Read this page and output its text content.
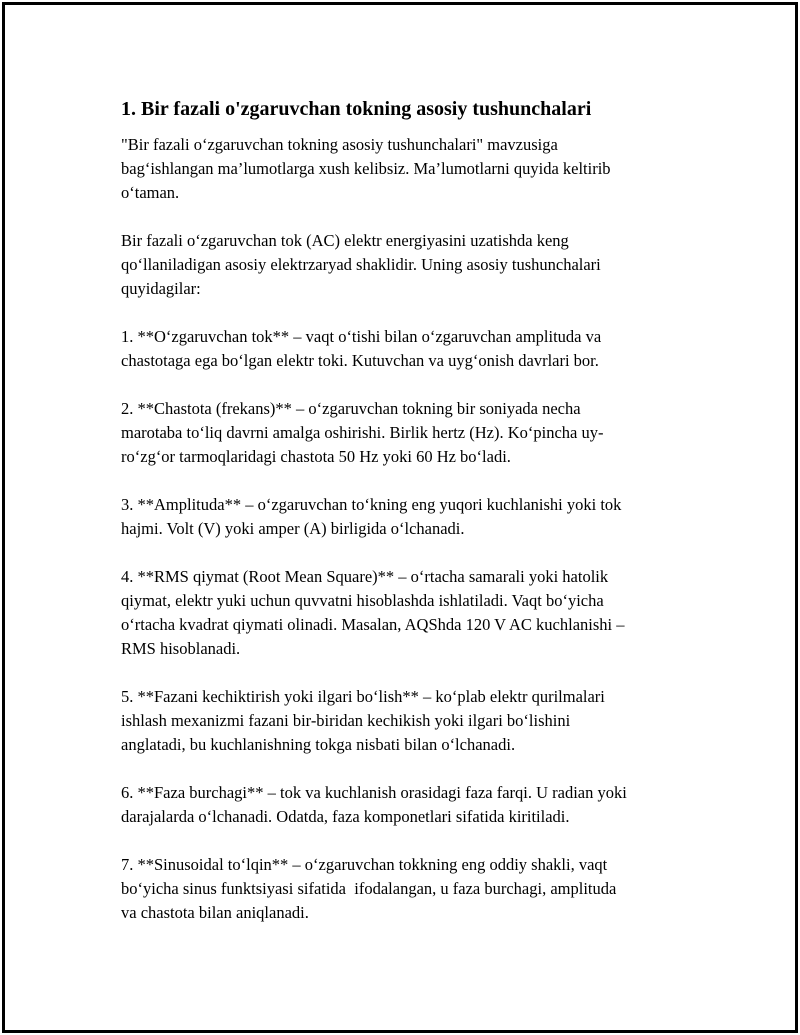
1. Bir fazali o'zgaruvchan tokning asosiy tushunchalari

"Bir fazali o‘zgaruvchan tokning asosiy tushunchalari" mavzusiga
bag‘ishlangan ma’lumotlarga xush kelibsiz. Ma’lumotlarni quyida keltirib
o‘taman.

Bir fazali o‘zgaruvchan tok (AC) elektr energiyasini uzatishda keng
qo‘llaniladigan asosiy elektrzaryad shaklidir. Uning asosiy tushunchalari
quyidagilar:

1. **O‘zgaruvchan tok** – vaqt o‘tishi bilan o‘zgaruvchan amplituda va
chastotaga ega bo‘lgan elektr toki. Kutuvchan va uyg‘onish davrlari bor.

2. **Chastota (frekans)** – o‘zgaruvchan tokning bir soniyada necha
marotaba to‘liq davrni amalga oshirishi. Birlik hertz (Hz). Ko‘pincha uy-
ro‘zg‘or tarmoqlaridagi chastota 50 Hz yoki 60 Hz bo‘ladi.

3. **Amplituda** – o‘zgaruvchan to‘kning eng yuqori kuchlanishi yoki tok
hajmi. Volt (V) yoki amper (A) birligida o‘lchanadi.

4. **RMS qiymat (Root Mean Square)** – o‘rtacha samarali yoki hatolik
qiymat, elektr yuki uchun quvvatni hisoblashda ishlatiladi. Vaqt bo‘yicha
o‘rtacha kvadrat qiymati olinadi. Masalan, AQShda 120 V AC kuchlanishi –
RMS hisoblanadi.

5. **Fazani kechiktirish yoki ilgari bo‘lish** – ko‘plab elektr qurilmalari
ishlash mexanizmi fazani bir-biridan kechikish yoki ilgari bo‘lishini
anglatadi, bu kuchlanishning tokga nisbati bilan o‘lchanadi.

6. **Faza burchagi** – tok va kuchlanish orasidagi faza farqi. U radian yoki
darajalarda o‘lchanadi. Odatda, faza komponetlari sifatida kiritiladi.

7. **Sinusoidal to‘lqin** – o‘zgaruvchan tokkning eng oddiy shakli, vaqt
bo‘yicha sinus funktsiyasi sifatida  ifodalangan, u faza burchagi, amplituda
va chastota bilan aniqlanadi.
